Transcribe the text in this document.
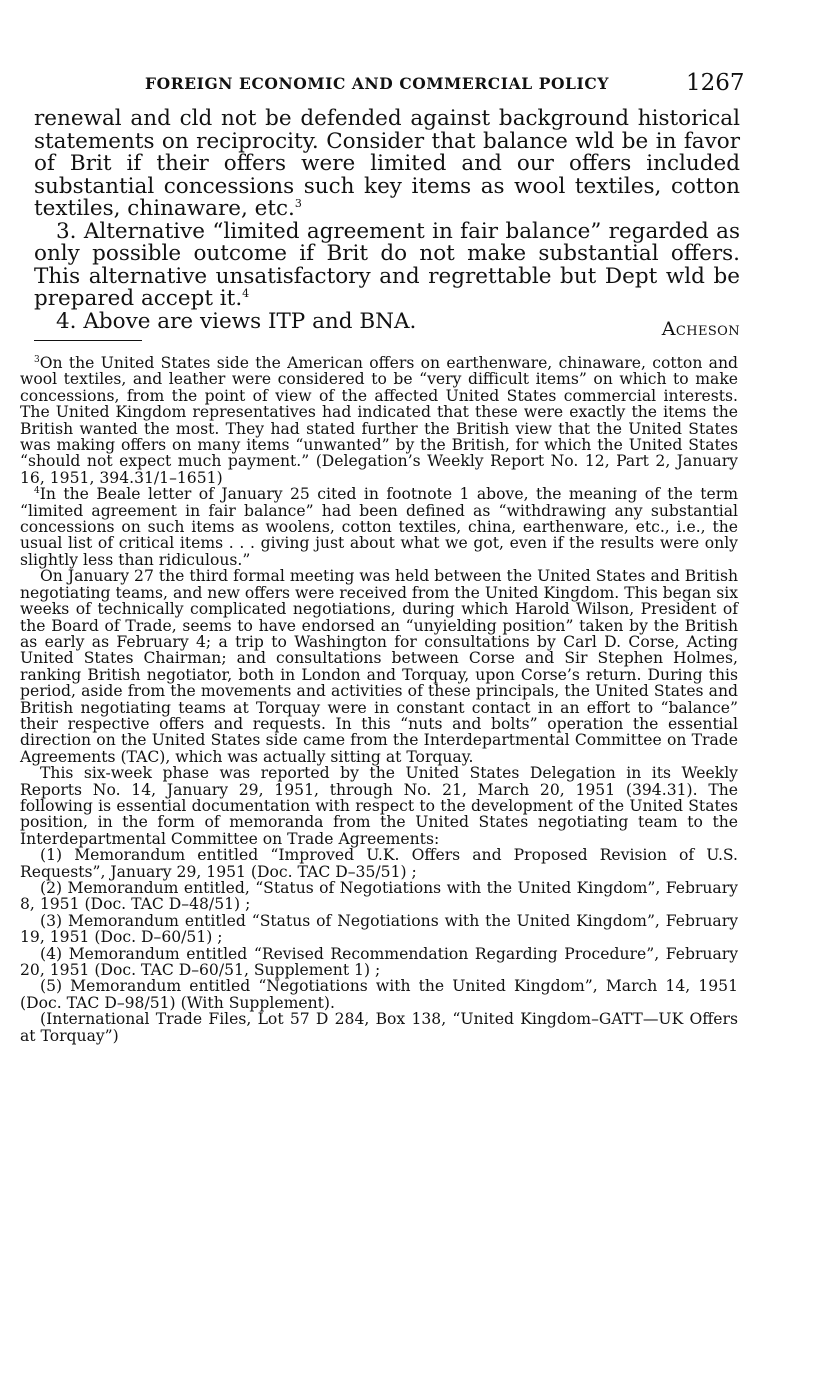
FOREIGN ECONOMIC AND COMMERCIAL POLICY	1267

renewal and cld not be defended against background historical statements on reciprocity. Consider that balance wld be in favor of Brit if their offers were limited and our offers included substantial concessions such key items as wool textiles, cotton textiles, chinaware, etc.$^3$

3. Alternative “limited agreement in fair balance” regarded as only possible outcome if Brit do not make substantial offers. This alternative unsatisfactory and regrettable but Dept wld be prepared accept it.$^4$

4. Above are views ITP and BNA.	Acheson

$^3$On the United States side the American offers on earthenware, chinaware, cotton and wool textiles, and leather were considered to be “very difficult items” on which to make concessions, from the point of view of the affected United States commercial interests. The United Kingdom representatives had indicated that these were exactly the items the British wanted the most. They had stated further the British view that the United States was making offers on many items “unwanted” by the British, for which the United States “should not expect much payment.” (Delegation’s Weekly Report No. 12, Part 2, January 16, 1951, 394.31/1–1651)

$^4$In the Beale letter of January 25 cited in footnote 1 above, the meaning of the term “limited agreement in fair balance” had been defined as “withdrawing any substantial concessions on such items as woolens, cotton textiles, china, earthenware, etc., i.e., the usual list of critical items . . . giving just about what we got, even if the results were only slightly less than ridiculous.”

On January 27 the third formal meeting was held between the United States and British negotiating teams, and new offers were received from the United Kingdom. This began six weeks of technically complicated negotiations, during which Harold Wilson, President of the Board of Trade, seems to have endorsed an “unyielding position” taken by the British as early as February 4; a trip to Washington for consultations by Carl D. Corse, Acting United States Chairman; and consultations between Corse and Sir Stephen Holmes, ranking British negotiator, both in London and Torquay, upon Corse’s return. During this period, aside from the movements and activities of these principals, the United States and British negotiating teams at Torquay were in constant contact in an effort to “balance” their respective offers and requests. In this “nuts and bolts” operation the essential direction on the United States side came from the Interdepartmental Committee on Trade Agreements (TAC), which was actually sitting at Torquay.

This six-week phase was reported by the United States Delegation in its Weekly Reports No. 14, January 29, 1951, through No. 21, March 20, 1951 (394.31). The following is essential documentation with respect to the development of the United States position, in the form of memoranda from the United States negotiating team to the Interdepartmental Committee on Trade Agreements:

(1) Memorandum entitled “Improved U.K. Offers and Proposed Revision of U.S. Requests”, January 29, 1951 (Doc. TAC D–35/51) ;

(2) Memorandum entitled, “Status of Negotiations with the United Kingdom”, February 8, 1951 (Doc. TAC D–48/51) ;

(3) Memorandum entitled “Status of Negotiations with the United Kingdom”, February 19, 1951 (Doc. D–60/51) ;

(4) Memorandum entitled “Revised Recommendation Regarding Procedure”, February 20, 1951 (Doc. TAC D–60/51, Supplement 1) ;

(5) Memorandum entitled “Negotiations with the United Kingdom”, March 14, 1951 (Doc. TAC D–98/51) (With Supplement).

(International Trade Files, Lot 57 D 284, Box 138, “United Kingdom–GATT—UK Offers at Torquay”)
